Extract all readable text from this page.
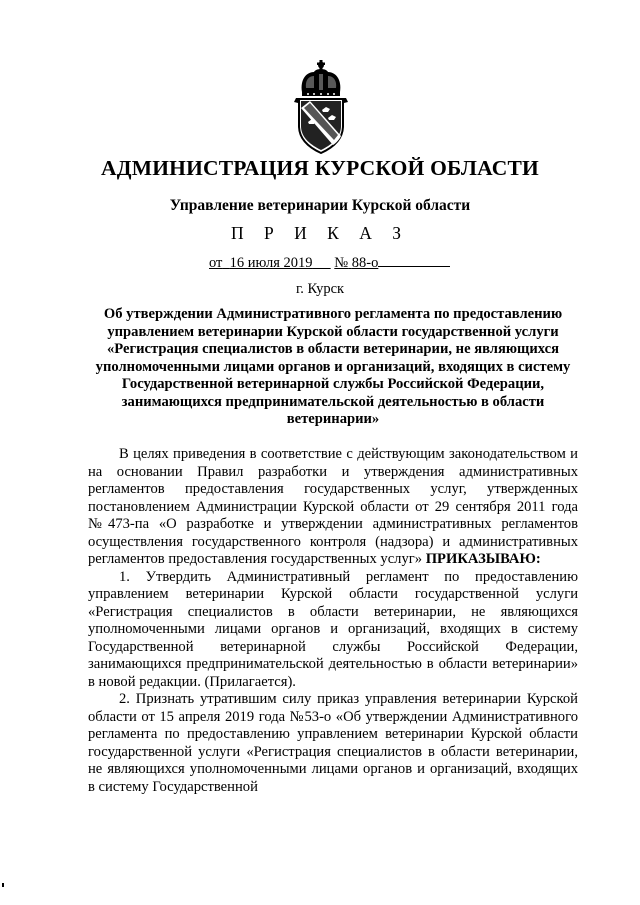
АДМИНИСТРАЦИЯ КУРСКОЙ ОБЛАСТИ
Управление ветеринарии Курской области
П Р И К А З
от 16 июля 2019 № 88-о
г. Курск
Об утверждении Административного регламента по предоставлению управлением ветеринарии Курской области государственной услуги «Регистрация специалистов в области ветеринарии, не являющихся уполномоченными лицами органов и организаций, входящих в систему Государственной ветеринарной службы Российской Федерации, занимающихся предпринимательской деятельностью в области ветеринарии»

В целях приведения в соответствие с действующим законодательством и на основании Правил разработки и утверждения административных регламентов предоставления государственных услуг, утвержденных постановлением Администрации Курской области от 29 сентября 2011 года №473-па «О разработке и утверждении административных регламентов осуществления государственного контроля (надзора) и административных регламентов предоставления государственных услуг» ПРИКАЗЫВАЮ:

1. Утвердить Административный регламент по предоставлению управлением ветеринарии Курской области государственной услуги «Регистрация специалистов в области ветеринарии, не являющихся уполномоченными лицами органов и организаций, входящих в систему Государственной ветеринарной службы Российской Федерации, занимающихся предпринимательской деятельностью в области ветеринарии» в новой редакции. (Прилагается).

2. Признать утратившим силу приказ управления ветеринарии Курской области от 15 апреля 2019 года №53-о «Об утверждении Административного регламента по предоставлению управлением ветеринарии Курской области государственной услуги «Регистрация специалистов в области ветеринарии, не являющихся уполномоченными лицами органов и организаций, входящих в систему Государственной
